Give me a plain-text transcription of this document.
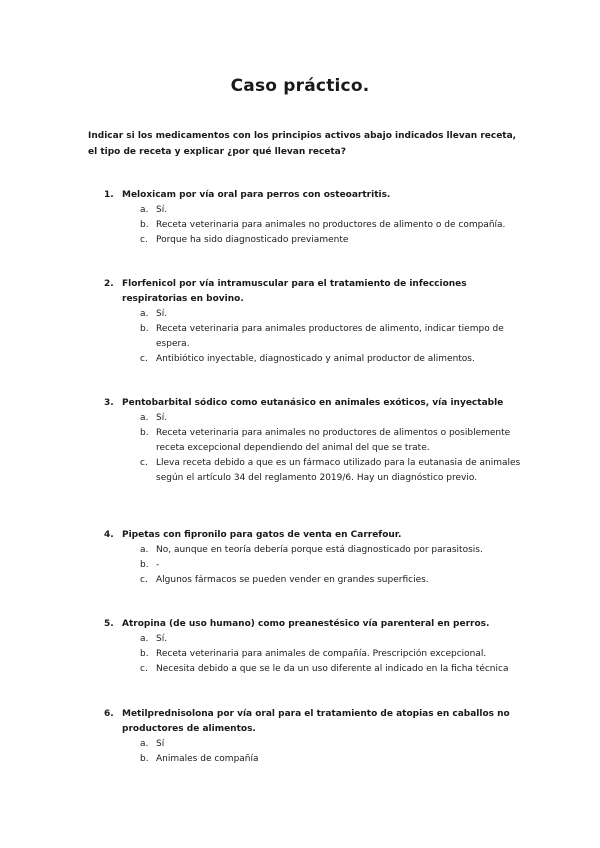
Caso práctico.
Indicar si los medicamentos con los principios activos abajo indicados llevan receta, el tipo de receta y explicar ¿por qué llevan receta?
1. Meloxicam por vía oral para perros con osteoartritis.
a. Sí.
b. Receta veterinaria para animales no productores de alimento o de compañía.
c. Porque ha sido diagnosticado previamente
2. Florfenicol por vía intramuscular para el tratamiento de infecciones respiratorias en bovino.
a. Sí.
b. Receta veterinaria para animales productores de alimento, indicar tiempo de espera.
c. Antibiótico inyectable, diagnosticado y animal productor de alimentos.
3. Pentobarbital sódico como eutanásico en animales exóticos, vía inyectable
a. Sí.
b. Receta veterinaria para animales no productores de alimentos o posiblemente receta excepcional dependiendo del animal del que se trate.
c. Lleva receta debido a que es un fármaco utilizado para la eutanasia de animales según el artículo 34 del reglamento 2019/6. Hay un diagnóstico previo.
4. Pipetas con fipronilo para gatos de venta en Carrefour.
a. No, aunque en teoría debería porque está diagnosticado por parasitosis.
b. -
c. Algunos fármacos se pueden vender en grandes superficies.
5. Atropina (de uso humano) como preanestésico vía parenteral en perros.
a. Sí.
b. Receta veterinaria para animales de compañía. Prescripción excepcional.
c. Necesita debido a que se le da un uso diferente al indicado en la ficha técnica
6. Metilprednisolona por vía oral para el tratamiento de atopias en caballos no productores de alimentos.
a. Sí
b. Animales de compañía
